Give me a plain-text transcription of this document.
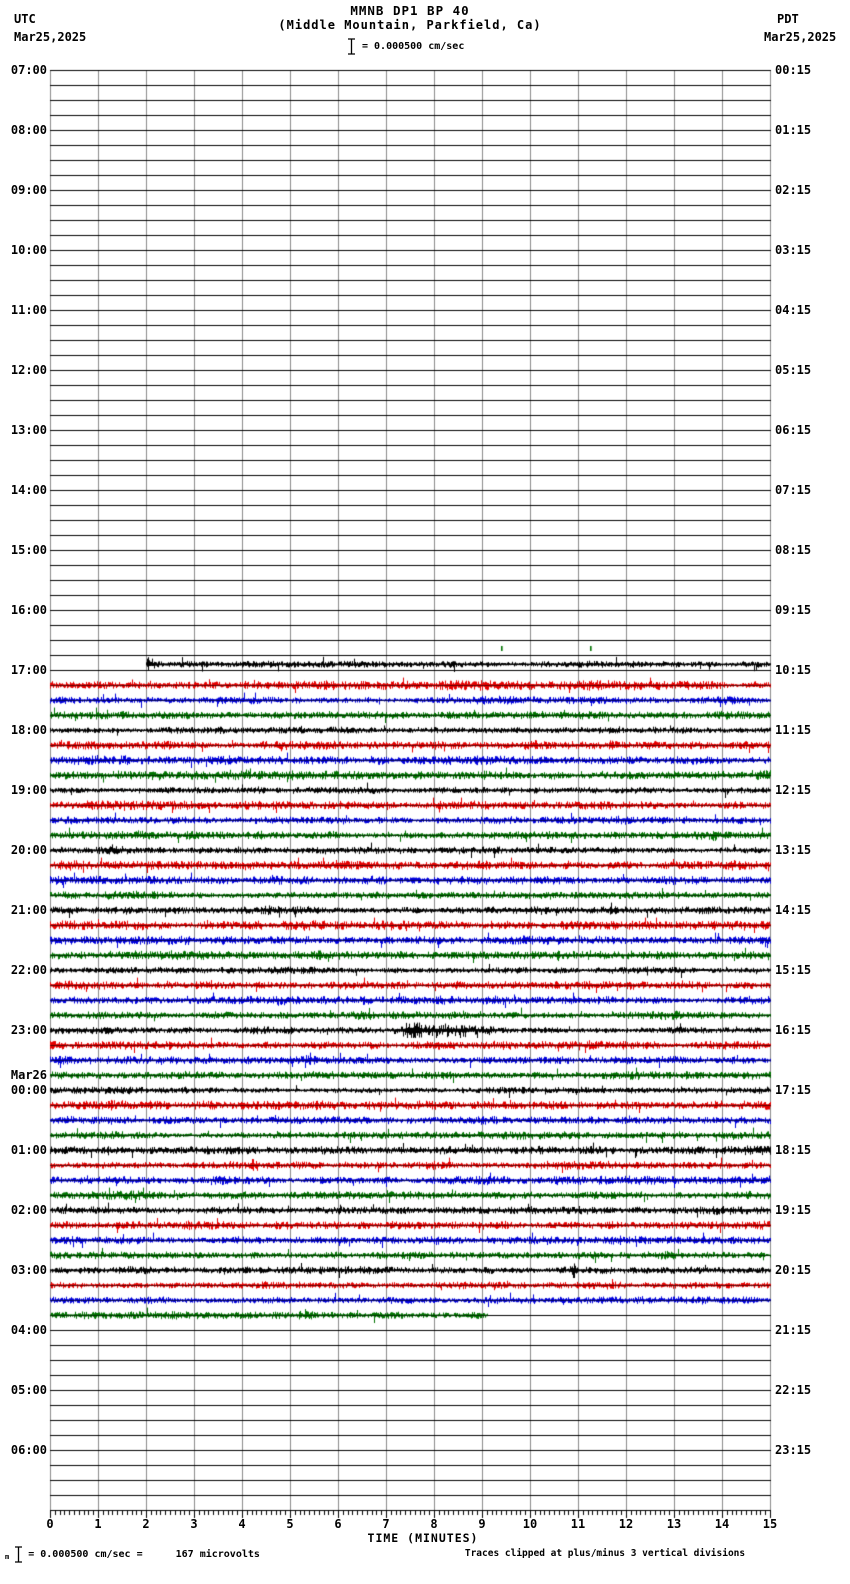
MMNB DP1 BP 40
(Middle Mountain, Parkfield, Ca)
UTC
Mar25,2025
PDT
Mar25,2025
= 0.000500 cm/sec
07:00
08:00
09:00
10:00
11:00
12:00
13:00
14:00
15:00
16:00
17:00
18:00
19:00
20:00
21:00
22:00
23:00
Mar26
00:00
01:00
02:00
03:00
04:00
05:00
06:00
00:15
01:15
02:15
03:15
04:15
05:15
06:15
07:15
08:15
09:15
10:15
11:15
12:15
13:15
14:15
15:15
16:15
17:15
18:15
19:15
20:15
21:15
22:15
23:15
0	1	2	3	4	5	6	7	8	9	10	11	12	13	14	15
TIME (MINUTES)
m = 0.000500 cm/sec =	167 microvolts	Traces clipped at plus/minus 3 vertical divisions
